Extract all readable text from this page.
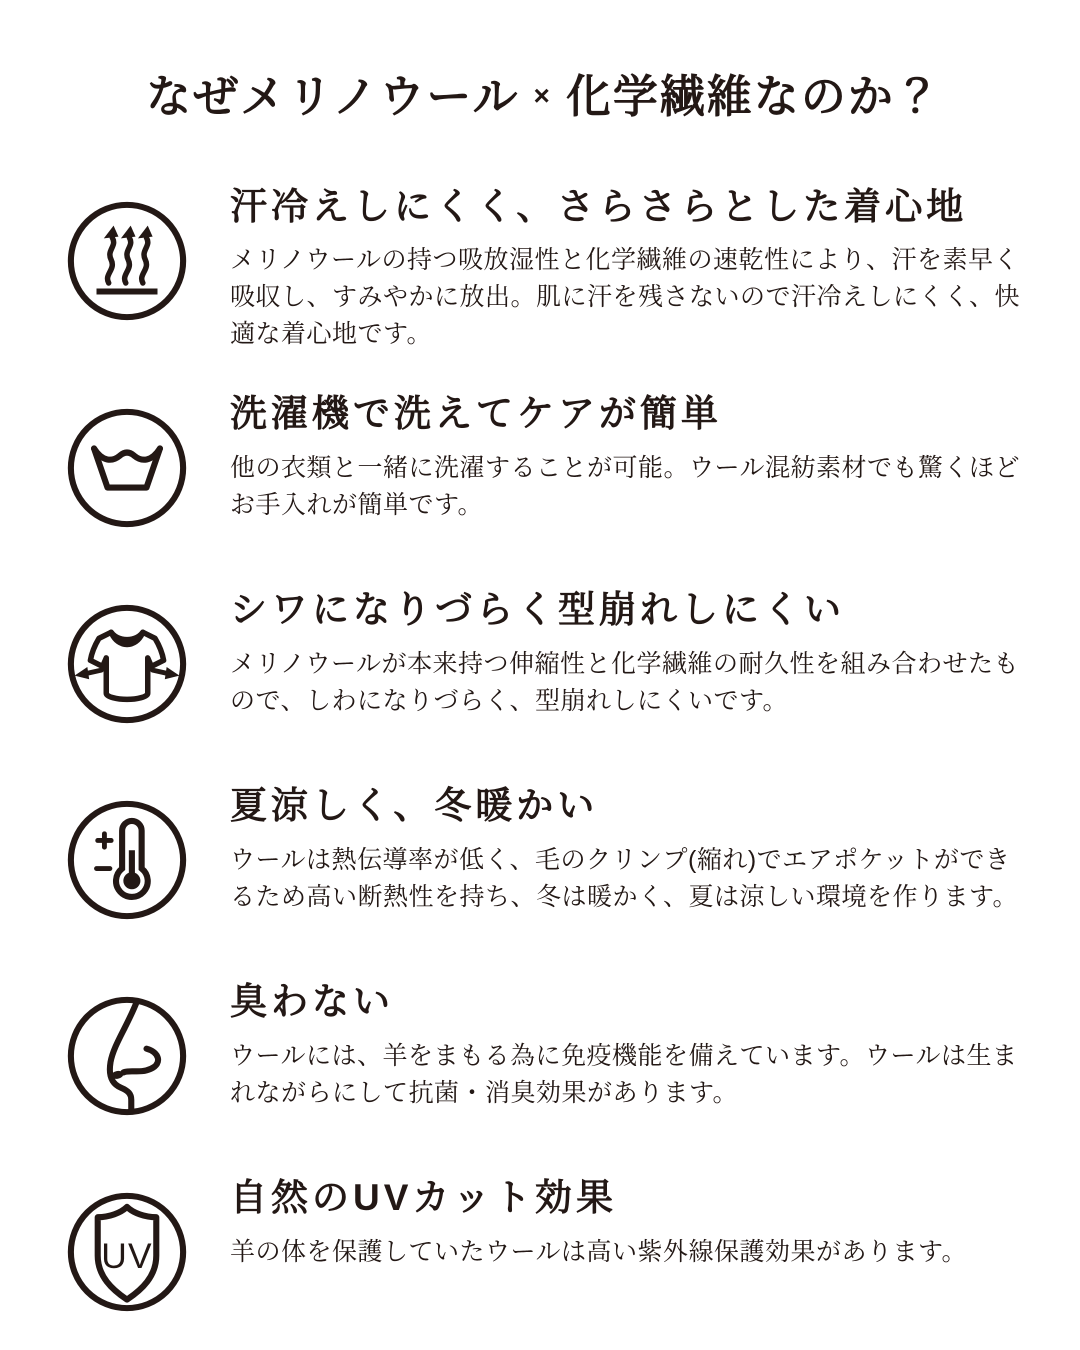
なぜメリノウール × 化学繊維なのか？
汗冷えしにくく、さらさらとした着心地

メリノウールの持つ吸放湿性と化学繊維の速乾性により、汗を素早く吸収し、すみやかに放出。肌に汗を残さないので汗冷えしにくく、快適な着心地です。

洗濯機で洗えてケアが簡単

他の衣類と一緒に洗濯することが可能。ウール混紡素材でも驚くほどお手入れが簡単です。

シワになりづらく型崩れしにくい

メリノウールが本来持つ伸縮性と化学繊維の耐久性を組み合わせたもので、しわになりづらく、型崩れしにくいです。

夏涼しく、冬暖かい

ウールは熱伝導率が低く、毛のクリンプ(縮れ)でエアポケットができるため高い断熱性を持ち、冬は暖かく、夏は涼しい環境を作ります。

臭わない

ウールには、羊をまもる為に免疫機能を備えています。ウールは生まれながらにして抗菌・消臭効果があります。

UV
自然のUVカット効果

羊の体を保護していたウールは高い紫外線保護効果があります。
